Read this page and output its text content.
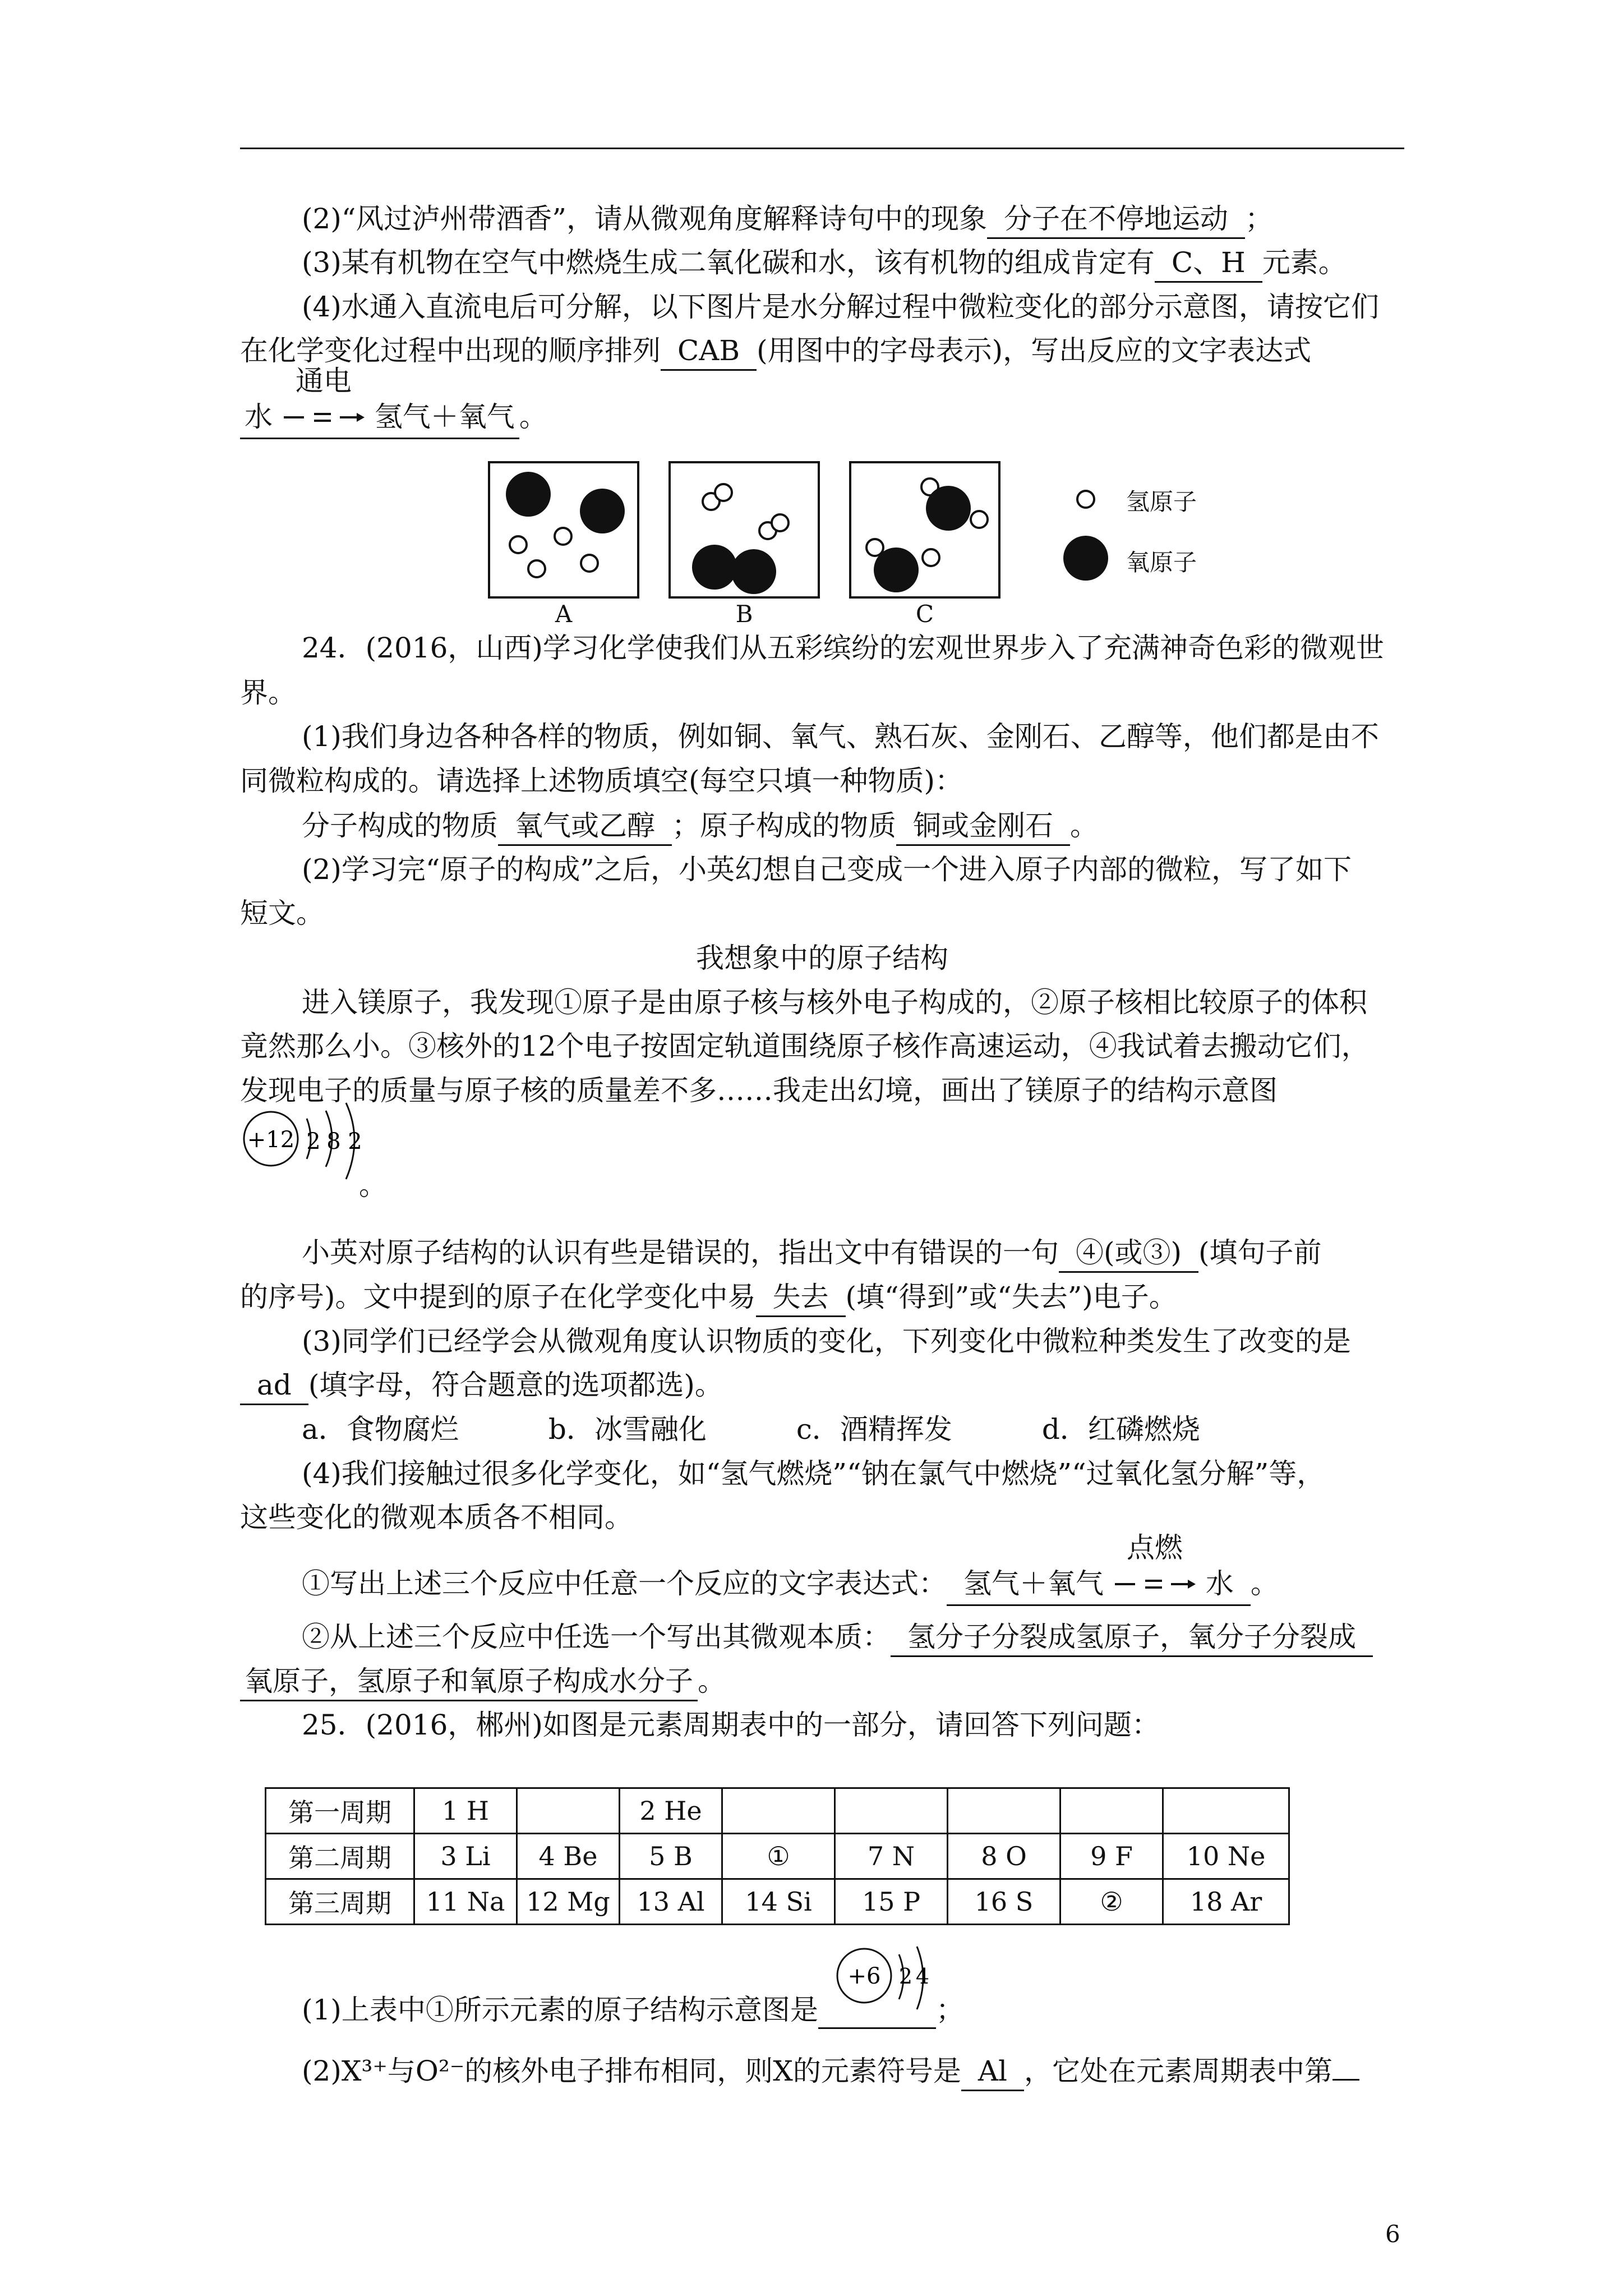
(2)“风过泸州带酒香”，请从微观角度解释诗句中的现象 分子在不停地运动 ；
(3)某有机物在空气中燃烧生成二氧化碳和水，该有机物的组成肯定有 C、H 元素。
(4)水通入直流电后可分解，以下图片是水分解过程中微粒变化的部分示意图，请按它们
在化学变化过程中出现的顺序排列 CAB (用图中的字母表示)，写出反应的文字表达式
水
通电
氢气＋氧气 。
A	B	C
氢原子
氧原子
24．(2016，山西)学习化学使我们从五彩缤纷的宏观世界步入了充满神奇色彩的微观世
界。
(1)我们身边各种各样的物质，例如铜、氧气、熟石灰、金刚石、乙醇等，他们都是由不
同微粒构成的。请选择上述物质填空(每空只填一种物质)：
分子构成的物质 氧气或乙醇 ；原子构成的物质 铜或金刚石 。
(2)学习完“原子的构成”之后，小英幻想自己变成一个进入原子内部的微粒，写了如下
短文。
我想象中的原子结构
进入镁原子，我发现①原子是由原子核与核外电子构成的，②原子核相比较原子的体积
竟然那么小。③核外的12个电子按固定轨道围绕原子核作高速运动，④我试着去搬动它们，
发现电子的质量与原子核的质量差不多……我走出幻境，画出了镁原子的结构示意图
+12 2 8 2
。
小英对原子结构的认识有些是错误的，指出文中有错误的一句 ④(或③) (填句子前
的序号)。文中提到的原子在化学变化中易 失去 (填“得到”或“失去”)电子。
(3)同学们已经学会从微观角度认识物质的变化，下列变化中微粒种类发生了改变的是
ad (填字母，符合题意的选项都选)。
a．食物腐烂	b．冰雪融化	c．酒精挥发	d．红磷燃烧
(4)我们接触过很多化学变化，如“氢气燃烧”“钠在氯气中燃烧”“过氧化氢分解”等，
这些变化的微观本质各不相同。
①写出上述三个反应中任意一个反应的文字表达式： 氢气＋氧气
点燃
水 。
②从上述三个反应中任选一个写出其微观本质： 氢分子分裂成氢原子，氧分子分裂成
氧原子，氢原子和氧原子构成水分子 。
25．(2016，郴州)如图是元素周期表中的一部分，请回答下列问题：
第一周期	1 H		2 He					
第二周期	3 Li	4 Be	5 B	①	7 N	8 O	9 F	10 Ne
第三周期	11 Na	12 Mg	13 Al	14 Si	15 P	16 S	②	18 Ar
(1)上表中①所示元素的原子结构示意图是
+6 2 4
；
(2)X³⁺与O²⁻的核外电子排布相同，则X的元素符号是 Al ，它处在元素周期表中第
6
